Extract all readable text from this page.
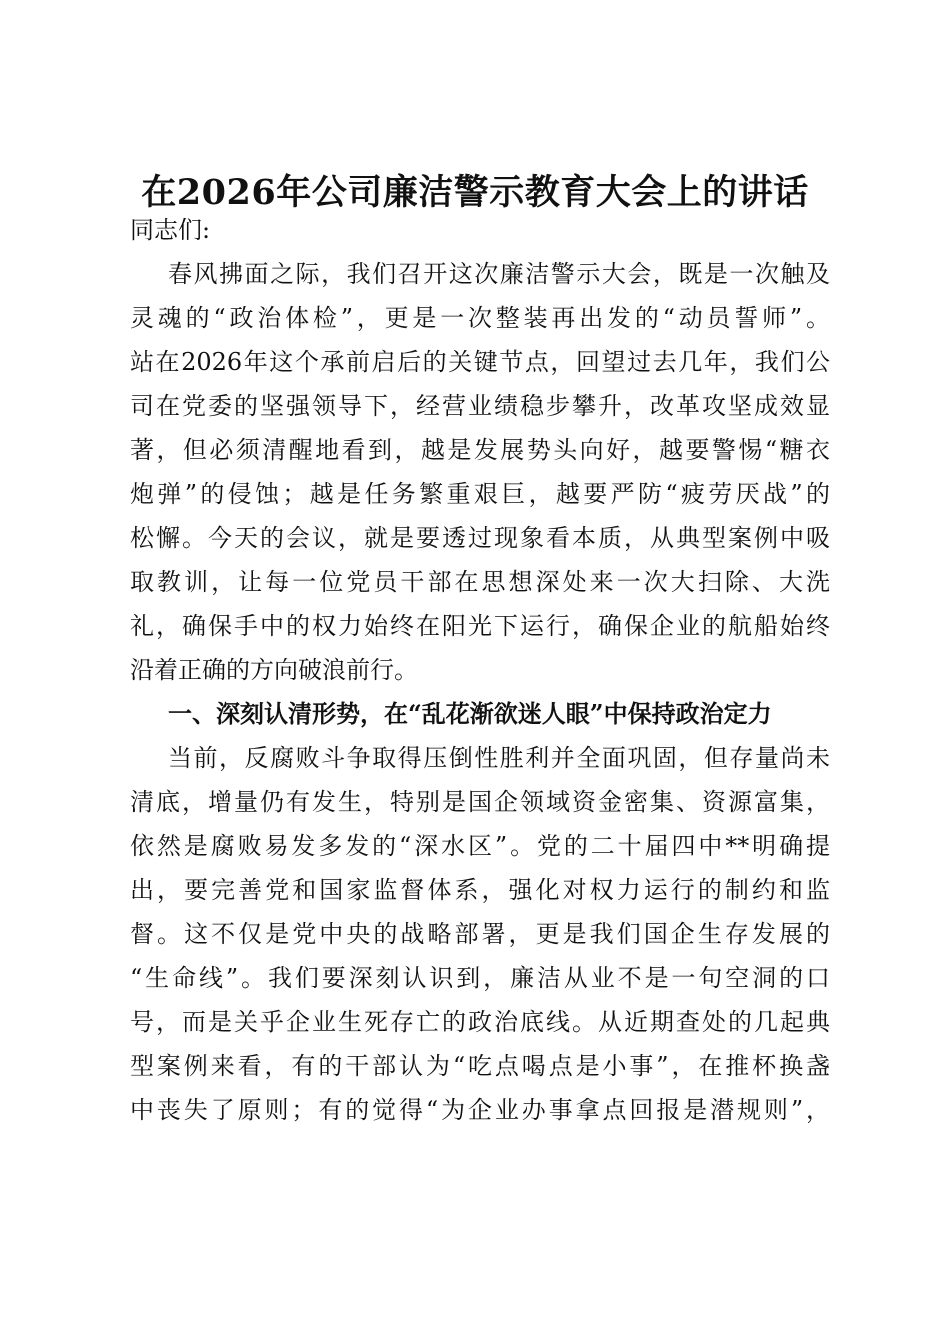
在2026年公司廉洁警示教育大会上的讲话
同志们:
春风拂面之际，我们召开这次廉洁警示大会，既是一次触及
灵魂的“政治体检”，更是一次整装再出发的“动员誓师”。
站在2026年这个承前启后的关键节点，回望过去几年，我们公
司在党委的坚强领导下，经营业绩稳步攀升，改革攻坚成效显
著，但必须清醒地看到，越是发展势头向好，越要警惕“糖衣
炮弹”的侵蚀；越是任务繁重艰巨，越要严防“疲劳厌战”的
松懈。今天的会议，就是要透过现象看本质，从典型案例中吸
取教训，让每一位党员干部在思想深处来一次大扫除、大洗
礼，确保手中的权力始终在阳光下运行，确保企业的航船始终
沿着正确的方向破浪前行。
一、深刻认清形势，在“乱花渐欲迷人眼”中保持政治定力
当前，反腐败斗争取得压倒性胜利并全面巩固，但存量尚未
清底，增量仍有发生，特别是国企领域资金密集、资源富集，
依然是腐败易发多发的“深水区”。党的二十届四中**明确提
出，要完善党和国家监督体系，强化对权力运行的制约和监
督。这不仅是党中央的战略部署，更是我们国企生存发展的
“生命线”。我们要深刻认识到，廉洁从业不是一句空洞的口
号，而是关乎企业生死存亡的政治底线。从近期查处的几起典
型案例来看，有的干部认为“吃点喝点是小事”，在推杯换盏
中丧失了原则；有的觉得“为企业办事拿点回报是潜规则”，
